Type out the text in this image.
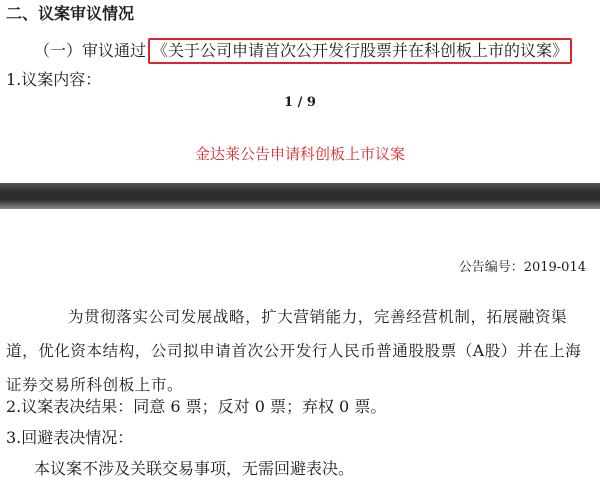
二、议案审议情况
（一）审议通过 《关于公司申请首次公开发行股票并在科创板上市的议案》
1.议案内容：
1 / 9
金达莱公告申请科创板上市议案
公告编号：2019-014
为贯彻落实公司发展战略，扩大营销能力，完善经营机制，拓展融资渠道，优化资本结构，公司拟申请首次公开发行人民币普通股股票（A股）并在上海证券交易所科创板上市。
2.议案表决结果：同意 6 票；反对 0 票；弃权 0 票。
3.回避表决情况：
本议案不涉及关联交易事项，无需回避表决。
